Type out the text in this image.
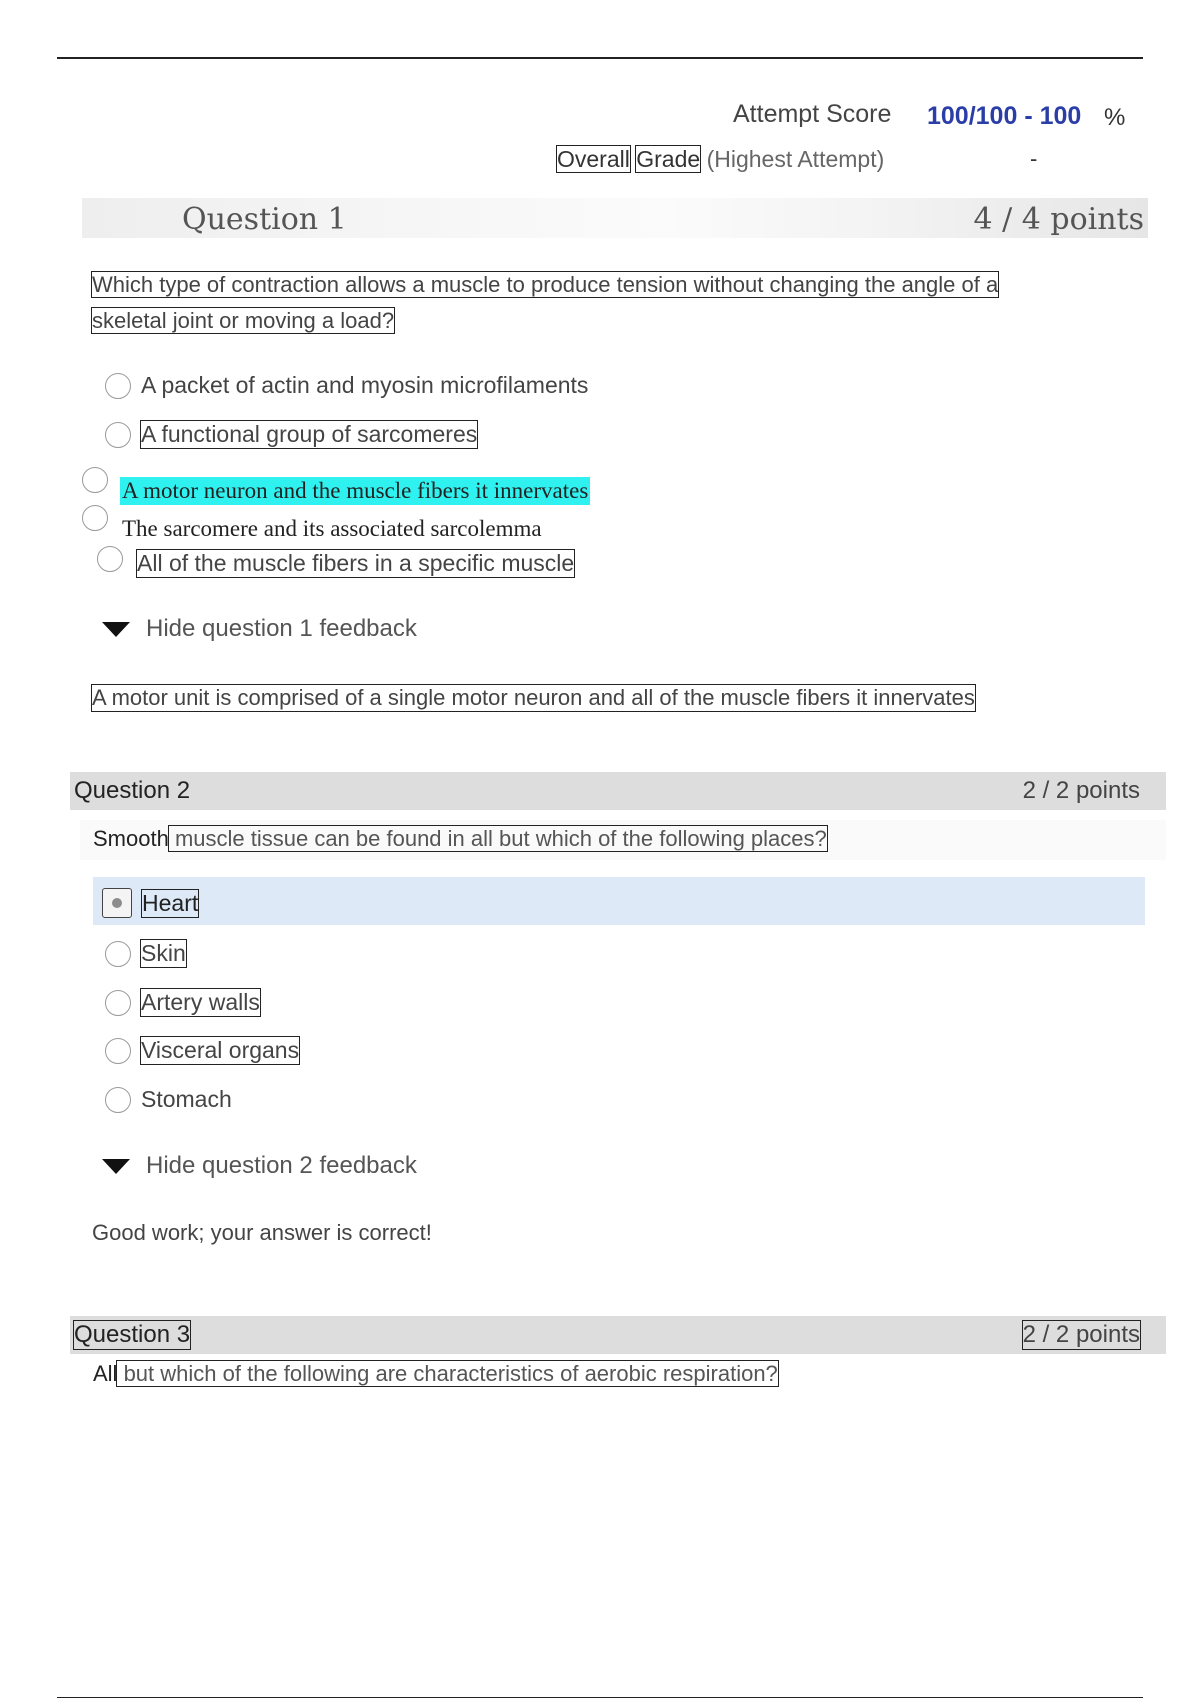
Attempt Score 100/100 - 100 %
Overall Grade (Highest Attempt)	-
Question 1	4 / 4 points
Which type of contraction allows a muscle to produce tension without changing the angle of a
skeletal joint or moving a load?
A packet of actin and myosin microfilaments
A functional group of sarcomeres
A motor neuron and the muscle fibers it innervates
The sarcomere and its associated sarcolemma
All of the muscle fibers in a specific muscle
Hide question 1 feedback
A motor unit is comprised of a single motor neuron and all of the muscle fibers it innervates
Question 2	2 / 2 points
Smooth muscle tissue can be found in all but which of the following places?
Heart
Skin
Artery walls
Visceral organs
Stomach
Hide question 2 feedback
Good work; your answer is correct!
Question 3	2 / 2 points
All but which of the following are characteristics of aerobic respiration?
